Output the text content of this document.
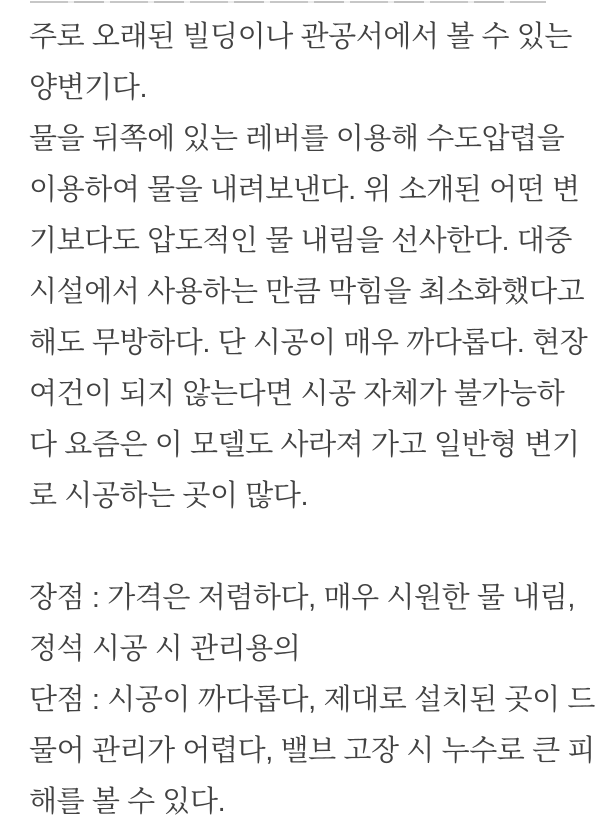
주로 오래된 빌딩이나 관공서에서 볼 수 있는
양변기다.
물을 뒤쪽에 있는 레버를 이용해 수도압렵을
이용하여 물을 내려보낸다. 위 소개된 어떤 변
기보다도 압도적인 물 내림을 선사한다. 대중
시설에서 사용하는 만큼 막힘을 최소화했다고
해도 무방하다. 단 시공이 매우 까다롭다. 현장
여건이 되지 않는다면 시공 자체가 불가능하
다 요즘은 이 모델도 사라져 가고 일반형 변기
로 시공하는 곳이 많다.
장점 : 가격은 저렴하다, 매우 시원한 물 내림,
정석 시공 시 관리용의
단점 : 시공이 까다롭다, 제대로 설치된 곳이 드
물어 관리가 어렵다, 밸브 고장 시 누수로 큰 피
해를 볼 수 있다.
